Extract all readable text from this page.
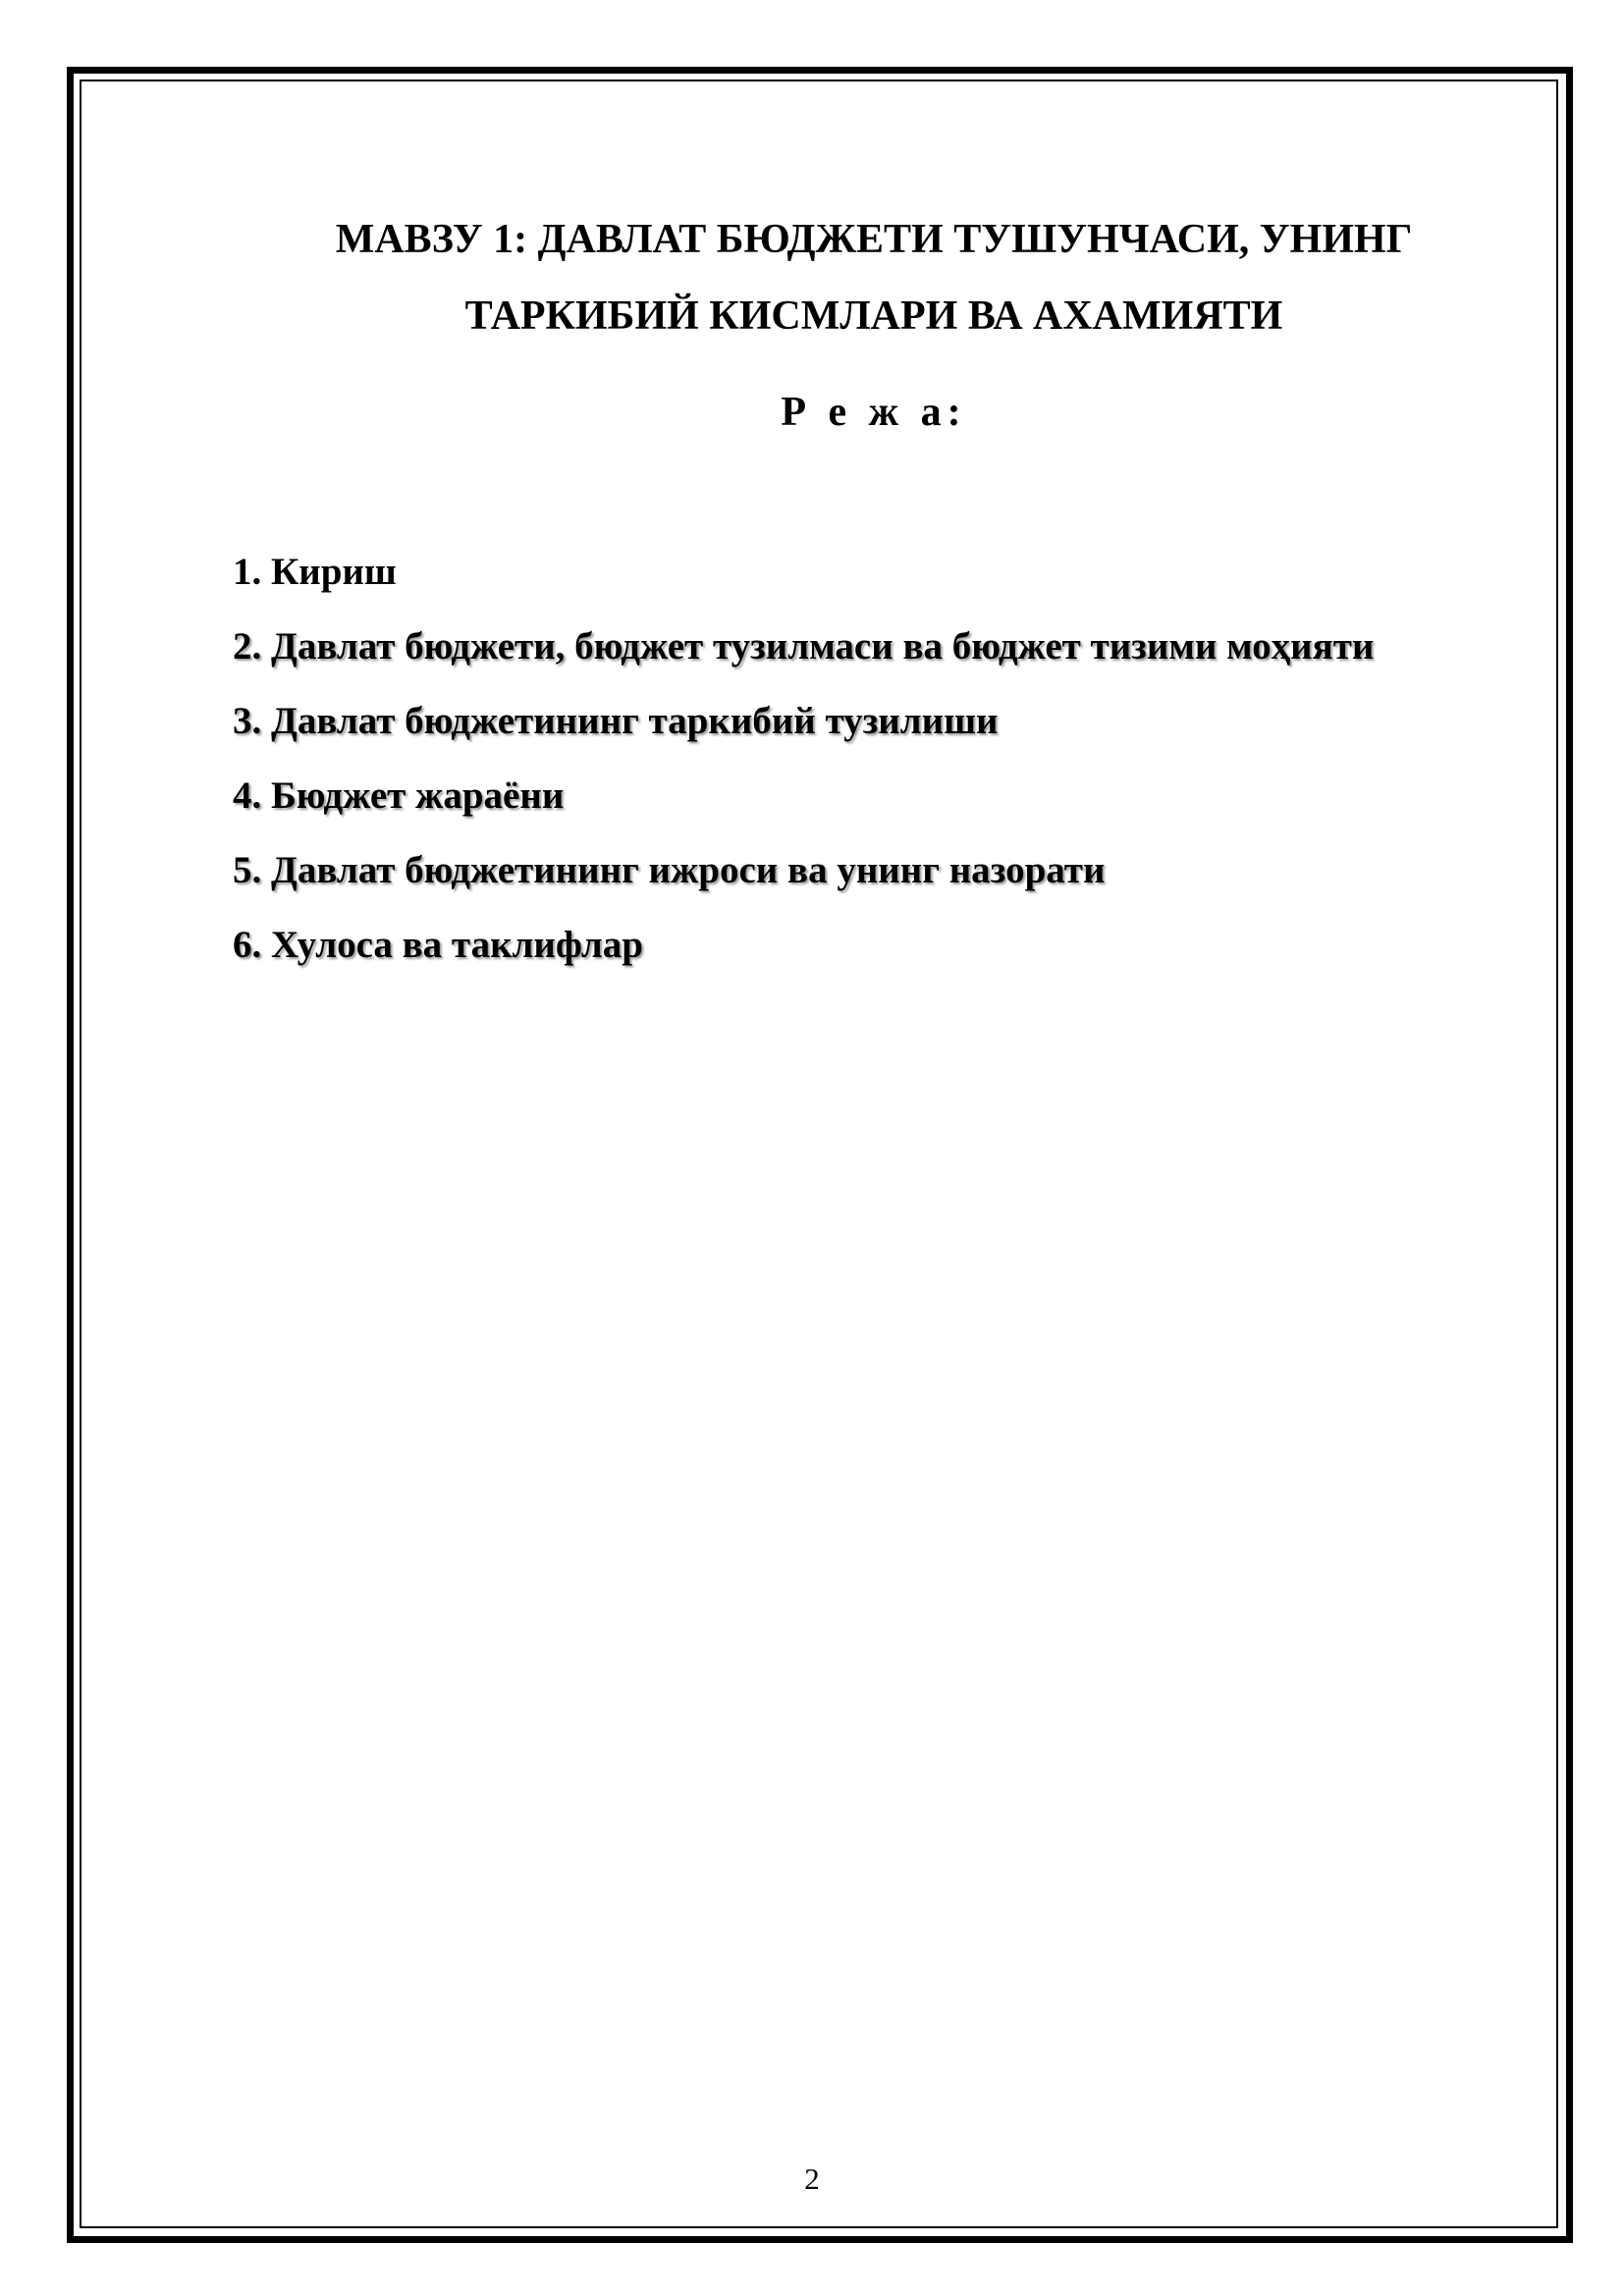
МАВЗУ 1: ДАВЛАТ БЮДЖЕТИ ТУШУНЧАСИ, УНИНГ
ТАРКИБИЙ КИСМЛАРИ ВА АХАМИЯТИ
Р е ж а:
1. Кириш
2. Давлат бюджети, бюджет тузилмаси ва бюджет тизими моҳияти
3. Давлат бюджетининг таркибий тузилиши
4. Бюджет жараёни
5. Давлат бюджетининг ижроси ва унинг назорати
6. Хулоса ва таклифлар
2
